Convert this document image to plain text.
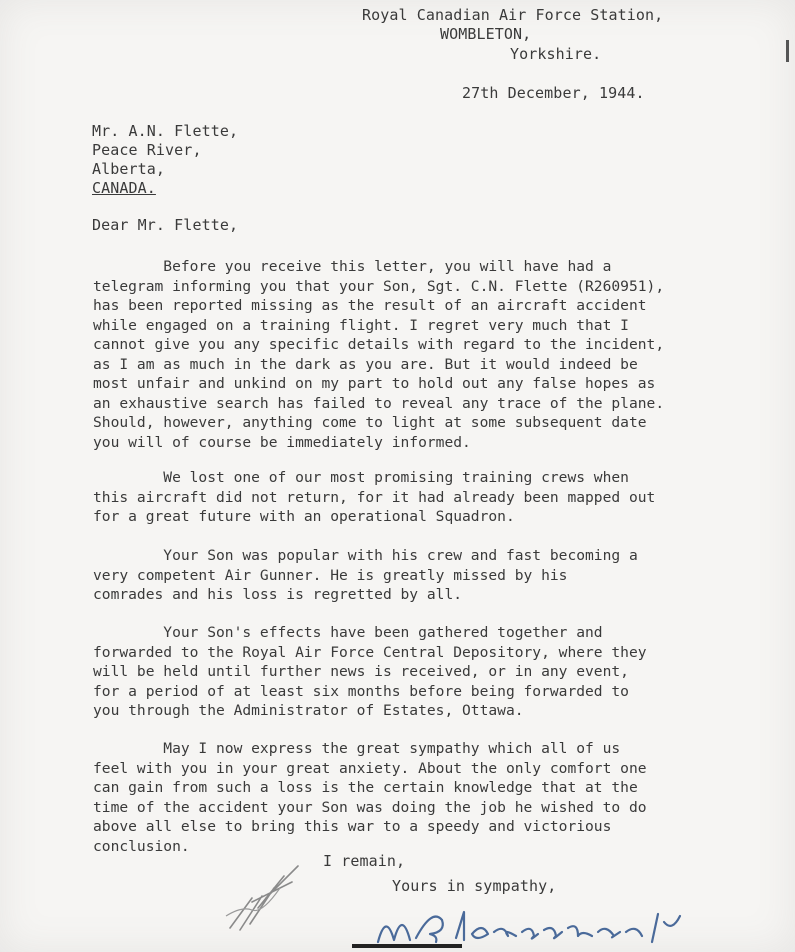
Royal Canadian Air Force Station,
WOMBLETON,
Yorkshire.
27th December, 1944.
Mr. A.N. Flette,
Peace River,
Alberta,
CANADA.
Dear Mr. Flette,
Before you receive this letter, you will have had a
telegram informing you that your Son, Sgt. C.N. Flette (R260951),
has been reported missing as the result of an aircraft accident
while engaged on a training flight. I regret very much that I
cannot give you any specific details with regard to the incident,
as I am as much in the dark as you are. But it would indeed be
most unfair and unkind on my part to hold out any false hopes as
an exhaustive search has failed to reveal any trace of the plane.
Should, however, anything come to light at some subsequent date
you will of course be immediately informed.
We lost one of our most promising training crews when
this aircraft did not return, for it had already been mapped out
for a great future with an operational Squadron.
Your Son was popular with his crew and fast becoming a
very competent Air Gunner. He is greatly missed by his
comrades and his loss is regretted by all.
Your Son's effects have been gathered together and
forwarded to the Royal Air Force Central Depository, where they
will be held until further news is received, or in any event,
for a period of at least six months before being forwarded to
you through the Administrator of Estates, Ottawa.
May I now express the great sympathy which all of us
feel with you in your great anxiety. About the only comfort one
can gain from such a loss is the certain knowledge that at the
time of the accident your Son was doing the job he wished to do
above all else to bring this war to a speedy and victorious
conclusion.
I remain,
Yours in sympathy,
